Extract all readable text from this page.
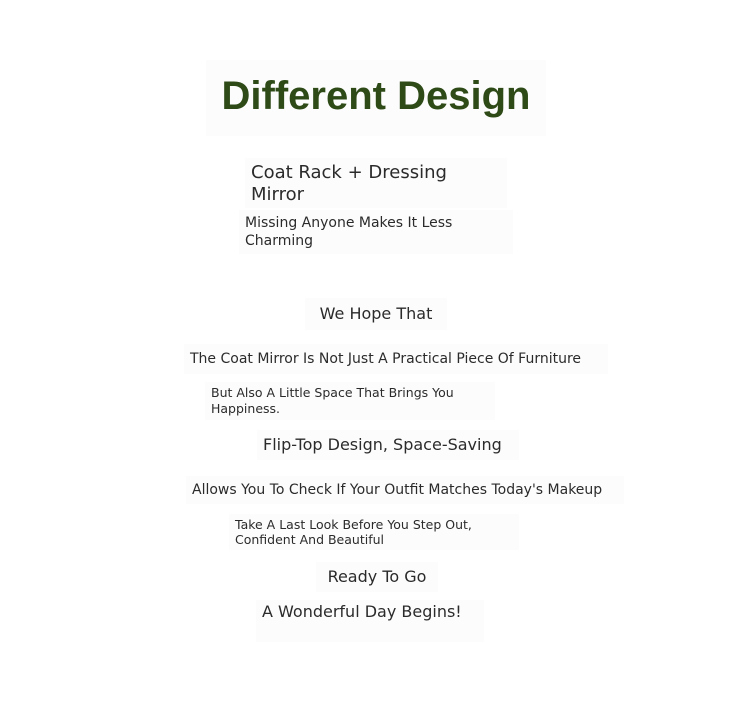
Different Design
Coat Rack + Dressing Mirror
Missing Anyone Makes It Less Charming
We Hope That
The Coat Mirror Is Not Just A Practical Piece Of Furniture
But Also A Little Space That Brings You Happiness.
Flip-Top Design, Space-Saving
Allows You To Check If Your Outfit Matches Today's Makeup
Take A Last Look Before You Step Out, Confident And Beautiful
Ready To Go
A Wonderful Day Begins!
